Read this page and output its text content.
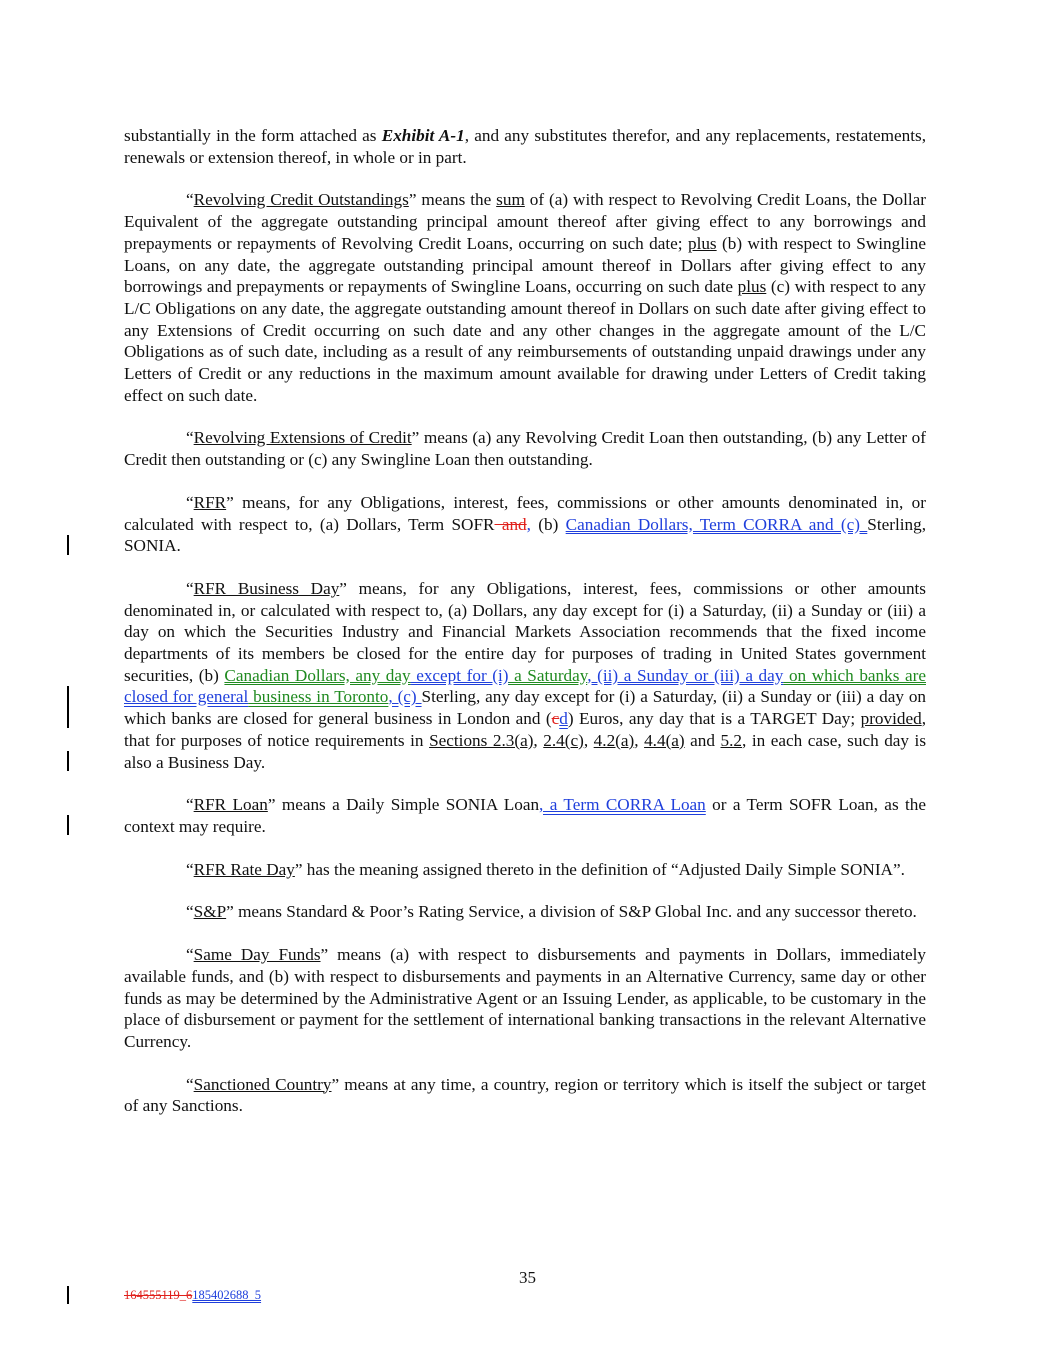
substantially in the form attached as Exhibit A-1, and any substitutes therefor, and any replacements, restatements, renewals or extension thereof, in whole or in part.

“Revolving Credit Outstandings” means the sum of (a) with respect to Revolving Credit Loans, the Dollar Equivalent of the aggregate outstanding principal amount thereof after giving effect to any borrowings and prepayments or repayments of Revolving Credit Loans, occurring on such date; plus (b) with respect to Swingline Loans, on any date, the aggregate outstanding principal amount thereof in Dollars after giving effect to any borrowings and prepayments or repayments of Swingline Loans, occurring on such date plus (c) with respect to any L/C Obligations on any date, the aggregate outstanding amount thereof in Dollars on such date after giving effect to any Extensions of Credit occurring on such date and any other changes in the aggregate amount of the L/C Obligations as of such date, including as a result of any reimbursements of outstanding unpaid drawings under any Letters of Credit or any reductions in the maximum amount available for drawing under Letters of Credit taking effect on such date.

“Revolving Extensions of Credit” means (a) any Revolving Credit Loan then outstanding, (b) any Letter of Credit then outstanding or (c) any Swingline Loan then outstanding.

“RFR” means, for any Obligations, interest, fees, commissions or other amounts denominated in, or calculated with respect to, (a) Dollars, Term SOFR and, (b) Canadian Dollars, Term CORRA and (c) Sterling, SONIA.

“RFR Business Day” means, for any Obligations, interest, fees, commissions or other amounts denominated in, or calculated with respect to, (a) Dollars, any day except for (i) a Saturday, (ii) a Sunday or (iii) a day on which the Securities Industry and Financial Markets Association recommends that the fixed income departments of its members be closed for the entire day for purposes of trading in United States government securities, (b) Canadian Dollars, any day except for (i) a Saturday, (ii) a Sunday or (iii) a day on which banks are closed for general business in Toronto, (c) Sterling, any day except for (i) a Saturday, (ii) a Sunday or (iii) a day on which banks are closed for general business in London and (cd) Euros, any day that is a TARGET Day; provided, that for purposes of notice requirements in Sections 2.3(a), 2.4(c), 4.2(a), 4.4(a) and 5.2, in each case, such day is also a Business Day.

“RFR Loan” means a Daily Simple SONIA Loan, a Term CORRA Loan or a Term SOFR Loan, as the context may require.

“RFR Rate Day” has the meaning assigned thereto in the definition of “Adjusted Daily Simple SONIA”.

“S&P” means Standard & Poor’s Rating Service, a division of S&P Global Inc. and any successor thereto.

“Same Day Funds” means (a) with respect to disbursements and payments in Dollars, immediately available funds, and (b) with respect to disbursements and payments in an Alternative Currency, same day or other funds as may be determined by the Administrative Agent or an Issuing Lender, as applicable, to be customary in the place of disbursement or payment for the settlement of international banking transactions in the relevant Alternative Currency.

“Sanctioned Country” means at any time, a country, region or territory which is itself the subject or target of any Sanctions.

35
164555119_6185402688_5
